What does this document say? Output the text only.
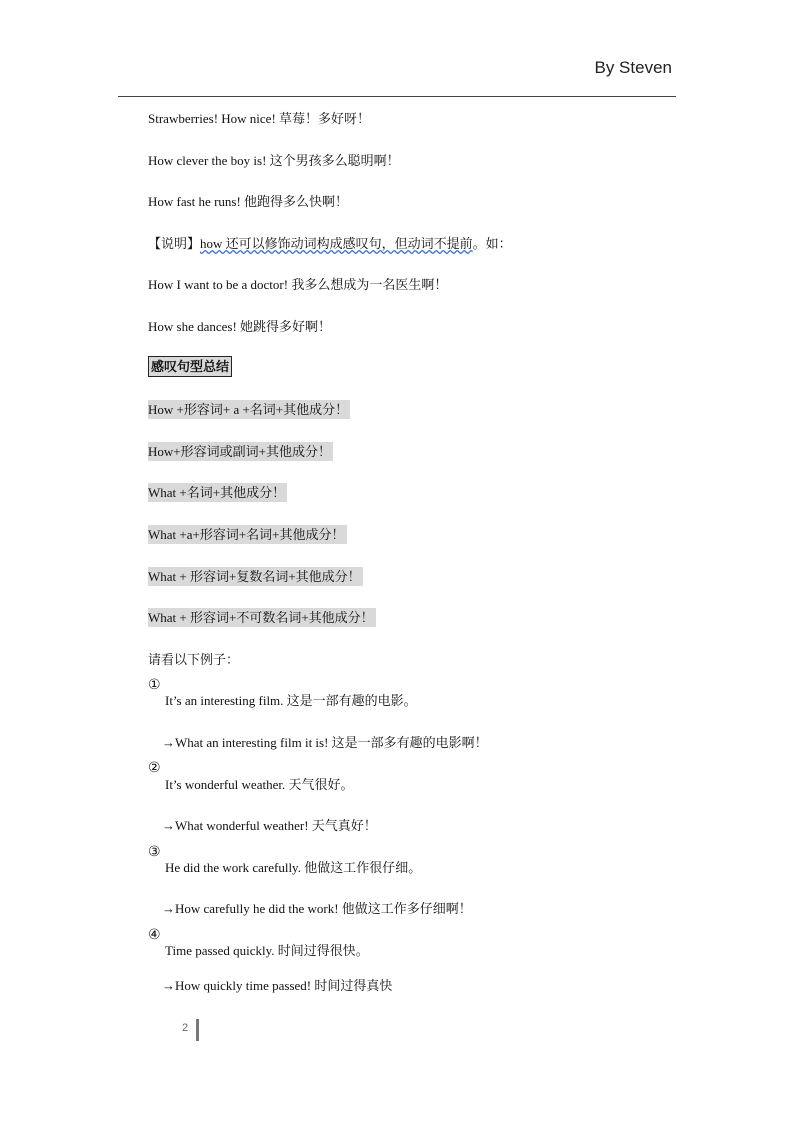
By Steven
Strawberries! How nice! 草莓！多好呀！
How clever the boy is! 这个男孩多么聪明啊！
How fast he runs! 他跑得多么快啊！
【说明】how 还可以修饰动词构成感叹句，但动词不提前。如：
How I want to be a doctor! 我多么想成为一名医生啊！
How she dances! 她跳得多好啊！
感叹句型总结
How +形容词+ a +名词+其他成分！
How+形容词或副词+其他成分！
What +名词+其他成分！
What +a+形容词+名词+其他成分！
What + 形容词+复数名词+其他成分！
What + 形容词+不可数名词+其他成分！
请看以下例子：
①
It’s an interesting film. 这是一部有趣的电影。
→What an interesting film it is! 这是一部多有趣的电影啊！
②
It’s wonderful weather. 天气很好。
→What wonderful weather! 天气真好！
③
He did the work carefully. 他做这工作很仔细。
→How carefully he did the work! 他做这工作多仔细啊！
④
Time passed quickly. 时间过得很快。
→How quickly time passed! 时间过得真快
2
